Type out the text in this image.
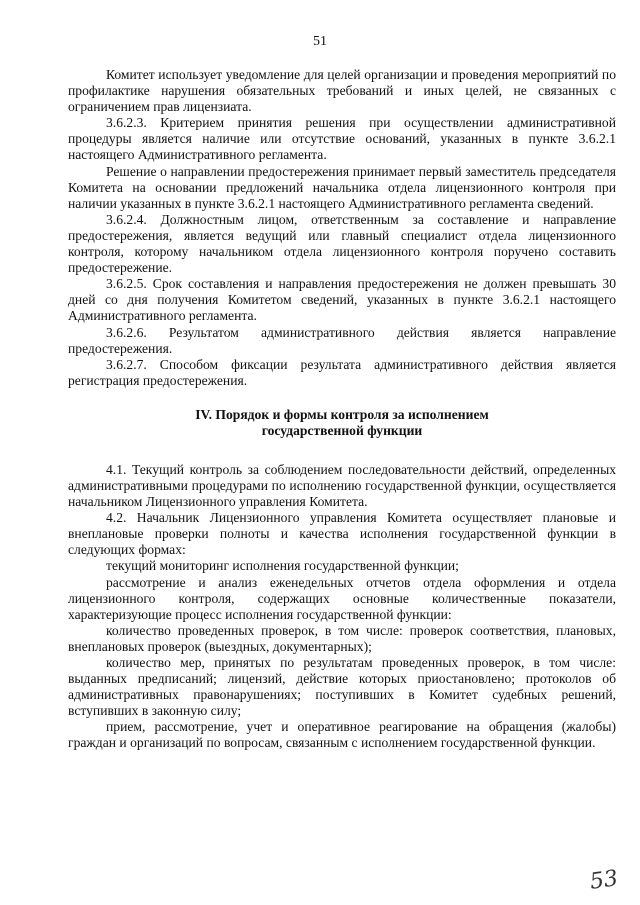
51

Комитет использует уведомление для целей организации и проведения мероприятий по профилактике нарушения обязательных требований и иных целей, не связанных с ограничением прав лицензиата.

3.6.2.3. Критерием принятия решения при осуществлении административной процедуры является наличие или отсутствие оснований, указанных в пункте 3.6.2.1 настоящего Административного регламента.

Решение о направлении предостережения принимает первый заместитель председателя Комитета на основании предложений начальника отдела лицензионного контроля при наличии указанных в пункте 3.6.2.1 настоящего Административного регламента сведений.

3.6.2.4. Должностным лицом, ответственным за составление и направление предостережения, является ведущий или главный специалист отдела лицензионного контроля, которому начальником отдела лицензионного контроля поручено составить предостережение.

3.6.2.5. Срок составления и направления предостережения не должен превышать 30 дней со дня получения Комитетом сведений, указанных в пункте 3.6.2.1 настоящего Административного регламента.

3.6.2.6. Результатом административного действия является направление предостережения.

3.6.2.7. Способом фиксации результата административного действия является регистрация предостережения.

IV. Порядок и формы контроля за исполнением
государственной функции

4.1. Текущий контроль за соблюдением последовательности действий, определенных административными процедурами по исполнению государственной функции, осуществляется начальником Лицензионного управления Комитета.

4.2. Начальник Лицензионного управления Комитета осуществляет плановые и внеплановые проверки полноты и качества исполнения государственной функции в следующих формах:

текущий мониторинг исполнения государственной функции;

рассмотрение и анализ еженедельных отчетов отдела оформления и отдела лицензионного контроля, содержащих основные количественные показатели, характеризующие процесс исполнения государственной функции:

количество проведенных проверок, в том числе: проверок соответствия, плановых, внеплановых проверок (выездных, документарных);

количество мер, принятых по результатам проведенных проверок, в том числе: выданных предписаний; лицензий, действие которых приостановлено; протоколов об административных правонарушениях; поступивших в Комитет судебных решений, вступивших в законную силу;

прием, рассмотрение, учет и оперативное реагирование на обращения (жалобы) граждан и организаций по вопросам, связанным с исполнением государственной функции.

53
